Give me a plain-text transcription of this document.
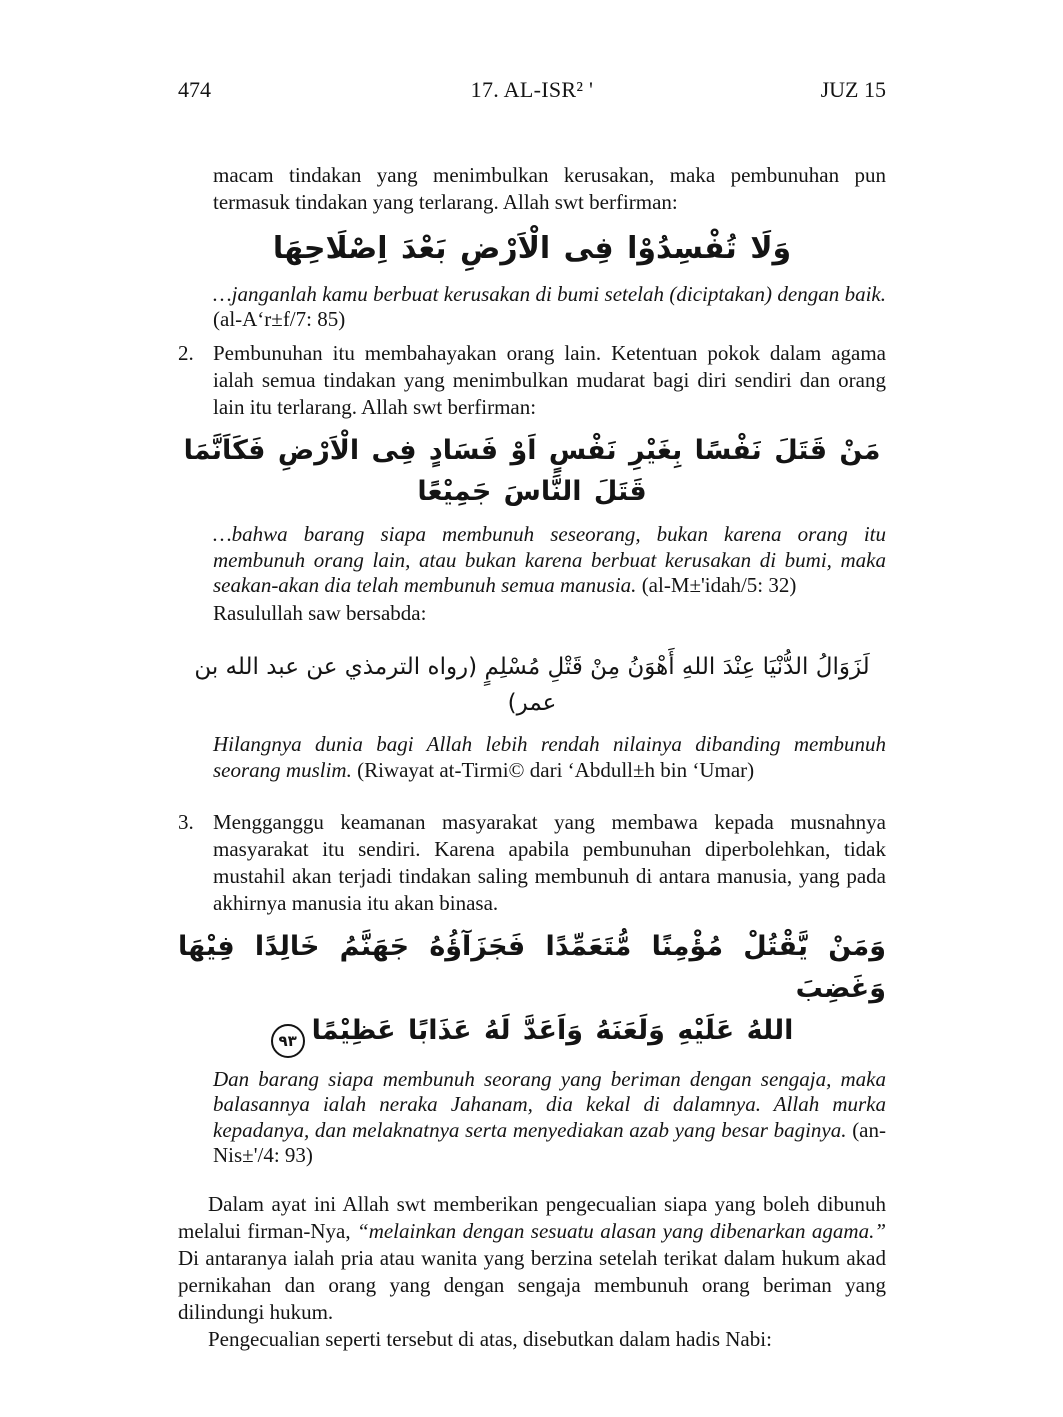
474	17. AL-ISR² '	JUZ 15

macam tindakan yang menimbulkan kerusakan, maka pembunuhan pun termasuk tindakan yang terlarang. Allah swt berfirman:

وَلَا تُفْسِدُوْا فِى الْاَرْضِ بَعْدَ اِصْلَاحِهَا

…janganlah kamu berbuat kerusakan di bumi setelah (diciptakan) dengan baik. (al-A‘r±f/7: 85)

2. Pembunuhan itu membahayakan orang lain. Ketentuan pokok dalam agama ialah semua tindakan yang menimbulkan mudarat bagi diri sendiri dan orang lain itu terlarang. Allah swt berfirman:
مَنْ قَتَلَ نَفْسًا بِغَيْرِ نَفْسٍ اَوْ فَسَادٍ فِى الْاَرْضِ فَكَاَنَّمَا قَتَلَ النَّاسَ جَمِيْعًا

…bahwa barang siapa membunuh seseorang, bukan karena orang itu membunuh orang lain, atau bukan karena berbuat kerusakan di bumi, maka seakan-akan dia telah membunuh semua manusia. (al-M±'idah/5: 32)

Rasulullah saw bersabda:

لَزَوَالُ الدُّنْيَا عِنْدَ اللهِ أَهْوَنُ مِنْ قَتْلِ مُسْلِمٍ (رواه الترمذي عن عبد الله بن عمر)

Hilangnya dunia bagi Allah lebih rendah nilainya dibanding membunuh seorang muslim. (Riwayat at-Tirmi© dari ‘Abdull±h bin ‘Umar)

3. Mengganggu keamanan masyarakat yang membawa kepada musnahnya masyarakat itu sendiri. Karena apabila pembunuhan diperbolehkan, tidak mustahil akan terjadi tindakan saling membunuh di antara manusia, yang pada akhirnya manusia itu akan binasa.
وَمَنْ يَّقْتُلْ مُؤْمِنًا مُّتَعَمِّدًا فَجَزَآؤُهُ جَهَنَّمُ خَالِدًا فِيْهَا وَغَضِبَ
اللهُ عَلَيْهِ وَلَعَنَهُ وَاَعَدَّ لَهُ عَذَابًا عَظِيْمًا٩٣

Dan barang siapa membunuh seorang yang beriman dengan sengaja, maka balasannya ialah neraka Jahanam, dia kekal di dalamnya. Allah murka kepadanya, dan melaknatnya serta menyediakan azab yang besar baginya. (an-Nis±'/4: 93)

Dalam ayat ini Allah swt memberikan pengecualian siapa yang boleh dibunuh melalui firman-Nya, “melainkan dengan sesuatu alasan yang dibenarkan agama.” Di antaranya ialah pria atau wanita yang berzina setelah terikat dalam hukum akad pernikahan dan orang yang dengan sengaja membunuh orang beriman yang dilindungi hukum.

Pengecualian seperti tersebut di atas, disebutkan dalam hadis Nabi:
